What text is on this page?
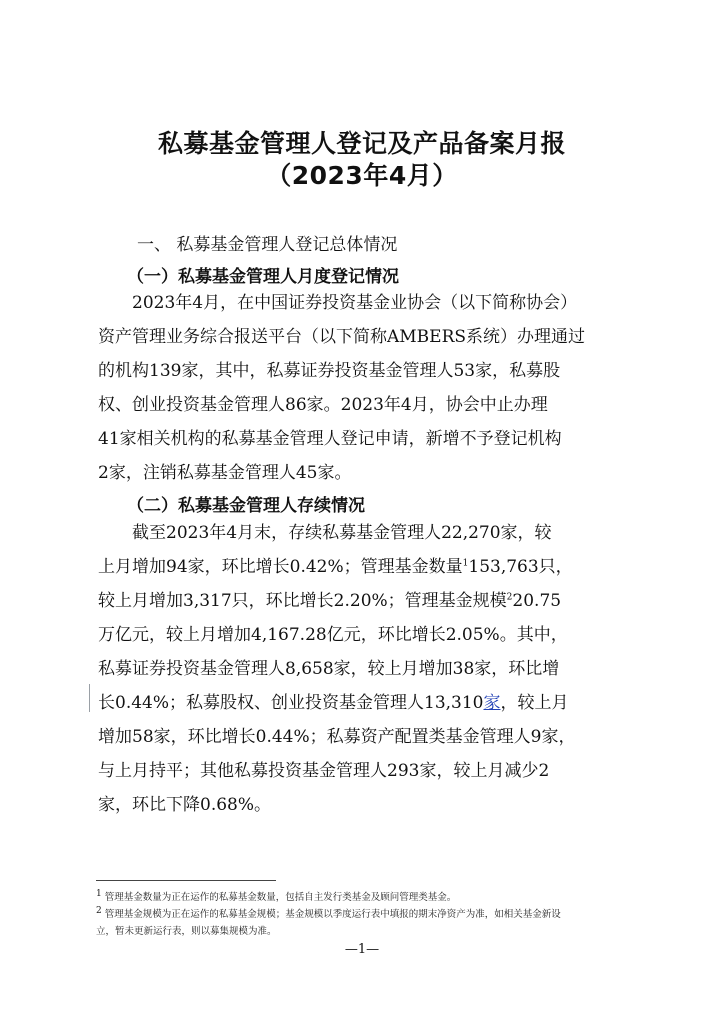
私募基金管理人登记及产品备案月报
（2023年4月）
一、 私募基金管理人登记总体情况
（一）私募基金管理人月度登记情况
　　2023年4月，在中国证券投资基金业协会（以下简称协会）
资产管理业务综合报送平台（以下简称AMBERS系统）办理通过
的机构139家，其中，私募证券投资基金管理人53家，私募股
权、创业投资基金管理人86家。2023年4月，协会中止办理
41家相关机构的私募基金管理人登记申请，新增不予登记机构
2家，注销私募基金管理人45家。
（二）私募基金管理人存续情况
　　截至2023年4月末，存续私募基金管理人22,270家，较
上月增加94家，环比增长0.42%；管理基金数量$^1$153,763只，
较上月增加3,317只，环比增长2.20%；管理基金规模$^2$20.75
万亿元，较上月增加4,167.28亿元，环比增长2.05%。其中，
私募证券投资基金管理人8,658家，较上月增加38家，环比增
长0.44%；私募股权、创业投资基金管理人13,310家，较上月
增加58家，环比增长0.44%；私募资产配置类基金管理人9家，
与上月持平；其他私募投资基金管理人293家，较上月减少2
家，环比下降0.68%。
$^1$ 管理基金数量为正在运作的私募基金数量，包括自主发行类基金及顾问管理类基金。
$^2$ 管理基金规模为正在运作的私募基金规模；基金规模以季度运行表中填报的期末净资产为准，如相关基金新设
立，暂未更新运行表，则以募集规模为准。
—1—
